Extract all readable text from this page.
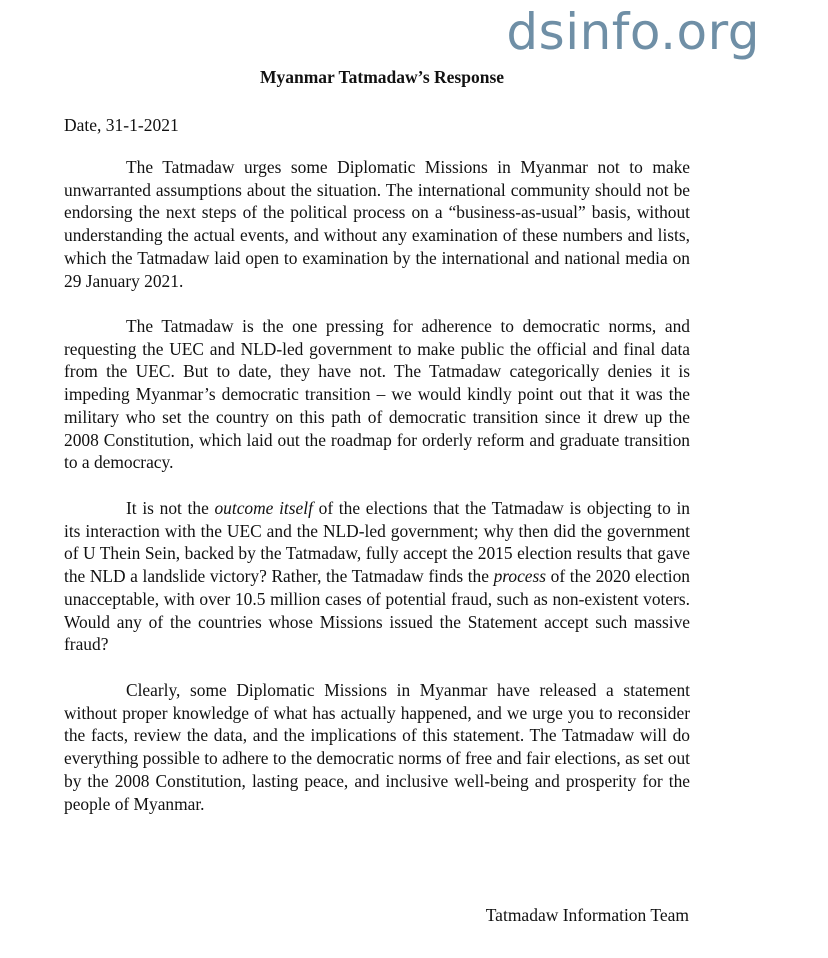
dsinfo.org
Myanmar Tatmadaw’s Response
Date, 31-1-2021

The Tatmadaw urges some Diplomatic Missions in Myanmar not to make unwarranted assumptions about the situation. The international community should not be endorsing the next steps of the political process on a “business-as-usual” basis, without understanding the actual events, and without any examination of these numbers and lists, which the Tatmadaw laid open to examination by the international and national media on 29 January 2021.

The Tatmadaw is the one pressing for adherence to democratic norms, and requesting the UEC and NLD-led government to make public the official and final data from the UEC. But to date, they have not. The Tatmadaw categorically denies it is impeding Myanmar’s democratic transition – we would kindly point out that it was the military who set the country on this path of democratic transition since it drew up the 2008 Constitution, which laid out the roadmap for orderly reform and graduate transition to a democracy.

It is not the outcome itself of the elections that the Tatmadaw is objecting to in its interaction with the UEC and the NLD-led government; why then did the government of U Thein Sein, backed by the Tatmadaw, fully accept the 2015 election results that gave the NLD a landslide victory? Rather, the Tatmadaw finds the process of the 2020 election unacceptable, with over 10.5 million cases of potential fraud, such as non-existent voters. Would any of the countries whose Missions issued the Statement accept such massive fraud?

Clearly, some Diplomatic Missions in Myanmar have released a statement without proper knowledge of what has actually happened, and we urge you to reconsider the facts, review the data, and the implications of this statement. The Tatmadaw will do everything possible to adhere to the democratic norms of free and fair elections, as set out by the 2008 Constitution, lasting peace, and inclusive well-being and prosperity for the people of Myanmar.

Tatmadaw Information Team
